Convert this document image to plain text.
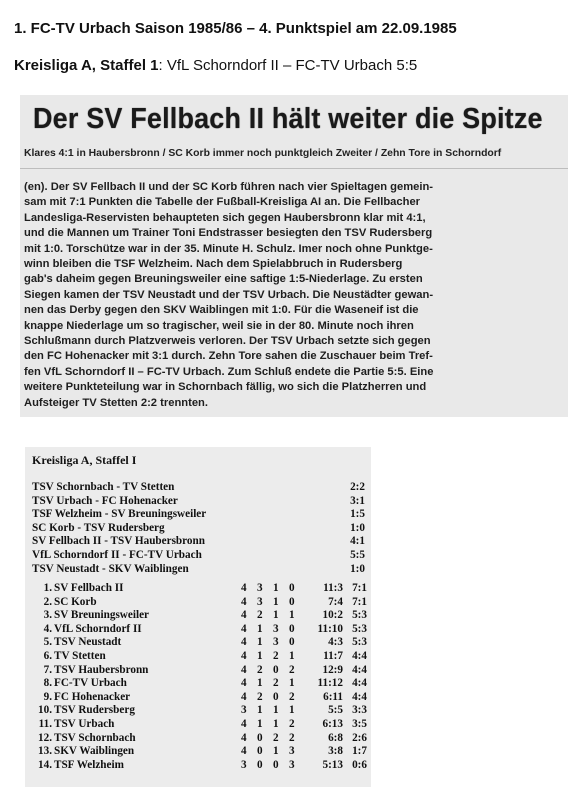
1. FC-TV Urbach Saison 1985/86 – 4. Punktspiel am 22.09.1985
Kreisliga A, Staffel 1: VfL Schorndorf II – FC-TV Urbach 5:5
Der SV Fellbach II hält weiter die Spitze
Klares 4:1 in Haubersbronn / SC Korb immer noch punktgleich Zweiter / Zehn Tore in Schorndorf
(en). Der SV Fellbach II und der SC Korb führen nach vier Spieltagen gemein-
sam mit 7:1 Punkten die Tabelle der Fußball-Kreisliga AI an. Die Fellbacher
Landesliga-Reservisten behaupteten sich gegen Haubersbronn klar mit 4:1,
und die Mannen um Trainer Toni Endstrasser besiegten den TSV Rudersberg
mit 1:0. Torschütze war in der 35. Minute H. Schulz. Imer noch ohne Punktge-
winn bleiben die TSF Welzheim. Nach dem Spielabbruch in Rudersberg
gab's daheim gegen Breuningsweiler eine saftige 1:5-Niederlage. Zu ersten
Siegen kamen der TSV Neustadt und der TSV Urbach. Die Neustädter gewan-
nen das Derby gegen den SKV Waiblingen mit 1:0. Für die Waseneif ist die
knappe Niederlage um so tragischer, weil sie in der 80. Minute noch ihren
Schlußmann durch Platzverweis verloren. Der TSV Urbach setzte sich gegen
den FC Hohenacker mit 3:1 durch. Zehn Tore sahen die Zuschauer beim Tref-
fen VfL Schorndorf II – FC-TV Urbach. Zum Schluß endete die Partie 5:5. Eine
weitere Punkteteilung war in Schornbach fällig, wo sich die Platzherren und
Aufsteiger TV Stetten 2:2 trennten.
Kreisliga A, Staffel I
TSV Schornbach - TV Stetten	2:2
TSV Urbach - FC Hohenacker	3:1
TSF Welzheim - SV Breuningsweiler	1:5
SC Korb - TSV Rudersberg	1:0
SV Fellbach II - TSV Haubersbronn	4:1
VfL Schorndorf II - FC-TV Urbach	5:5
TSV Neustadt - SKV Waiblingen	1:0
1. SV Fellbach II	4 3 1 0	11:3 7:1
2. SC Korb	4 3 1 0	7:4 7:1
3. SV Breuningsweiler	4 2 1 1	10:2 5:3
4. VfL Schorndorf II	4 1 3 0	11:10 5:3
5. TSV Neustadt	4 1 3 0	4:3 5:3
6. TV Stetten	4 1 2 1	11:7 4:4
7. TSV Haubersbronn	4 2 0 2	12:9 4:4
8. FC-TV Urbach	4 1 2 1	11:12 4:4
9. FC Hohenacker	4 2 0 2	6:11 4:4
10. TSV Rudersberg	3 1 1 1	5:5 3:3
11. TSV Urbach	4 1 1 2	6:13 3:5
12. TSV Schornbach	4 0 2 2	6:8 2:6
13. SKV Waiblingen	4 0 1 3	3:8 1:7
14. TSF Welzheim	3 0 0 3	5:13 0:6
